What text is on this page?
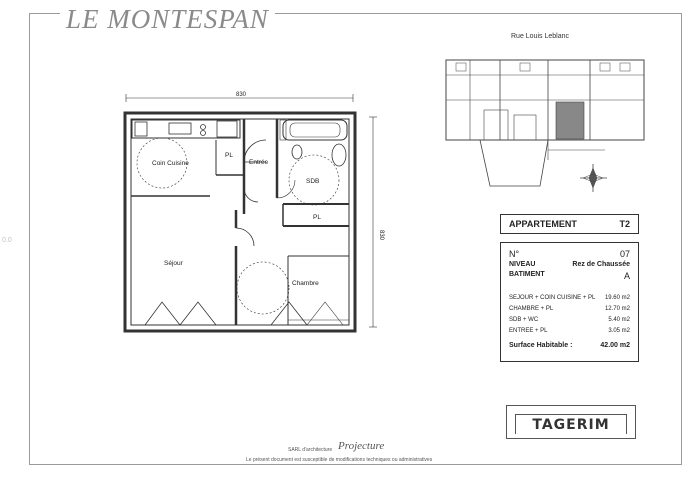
LE MONTESPAN
0.0
Coin Cuisine	Entrée
SDB
Séjour
Chambre
PL
PL
830
830
Rue Louis Leblanc
APPARTEMENT	T2
N°	07
NIVEAU	Rez de Chaussée
BATIMENT	A
SEJOUR + COIN CUISINE + PL 19.60 m2
CHAMBRE + PL	12.70 m2
SDB + WC	5.40 m2
ENTREE + PL	3.05 m2
Surface Habitable :	42.00 m2
TAGERIM
Projecture
SARL d'architecture
Le présent document est susceptible de modifications techniques ou administratives
